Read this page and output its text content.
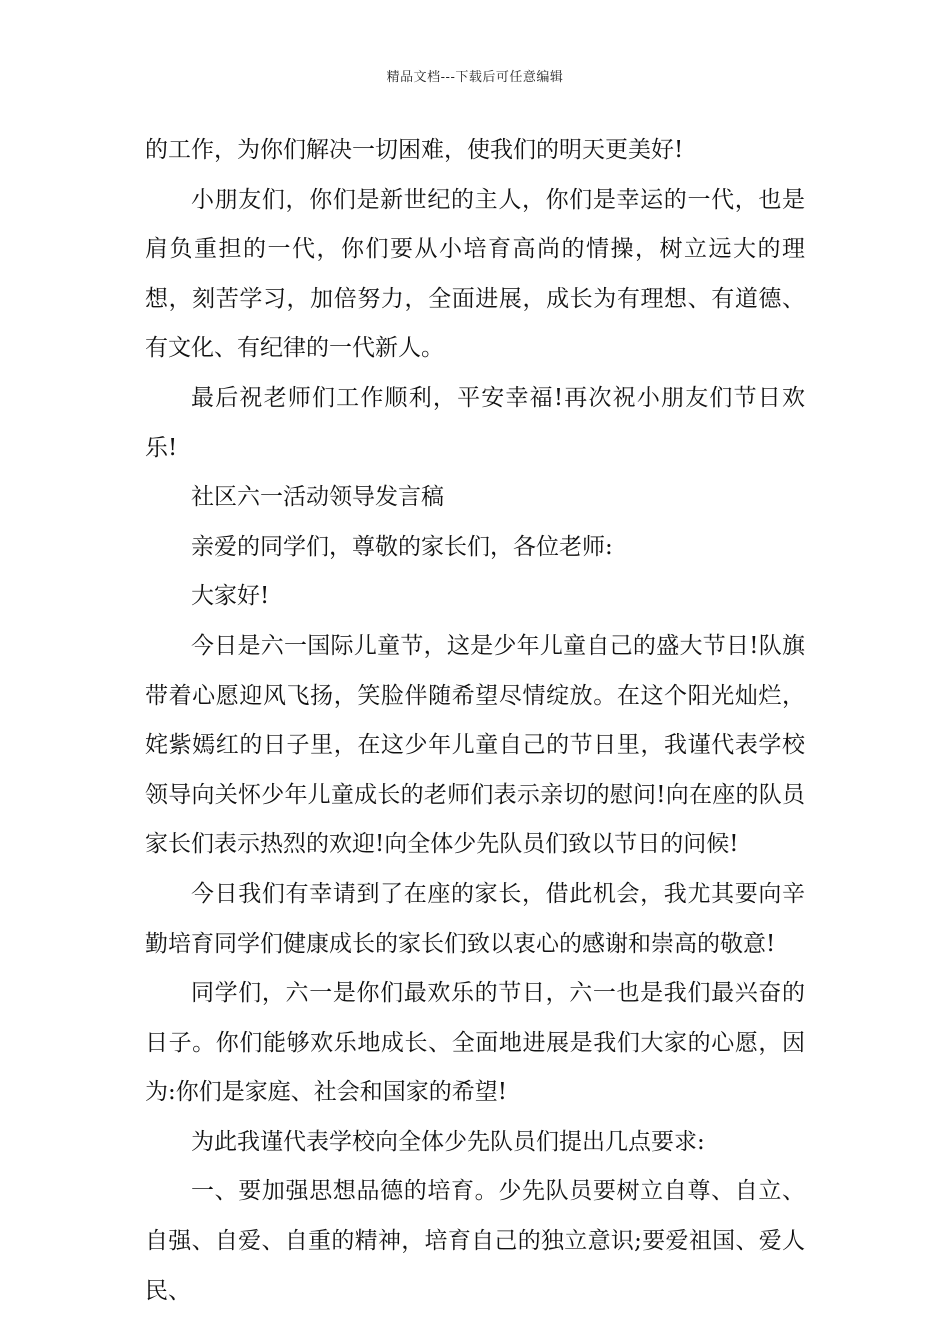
精品文档---下载后可任意编辑

的工作，为你们解决一切困难，使我们的明天更美好!

小朋友们，你们是新世纪的主人，你们是幸运的一代，也是肩负重担的一代，你们要从小培育高尚的情操，树立远大的理想，刻苦学习，加倍努力，全面进展，成长为有理想、有道德、有文化、有纪律的一代新人。

最后祝老师们工作顺利，平安幸福!再次祝小朋友们节日欢乐!

社区六一活动领导发言稿

亲爱的同学们，尊敬的家长们，各位老师:

大家好!

今日是六一国际儿童节，这是少年儿童自己的盛大节日!队旗带着心愿迎风飞扬，笑脸伴随希望尽情绽放。在这个阳光灿烂，姹紫嫣红的日子里，在这少年儿童自己的节日里，我谨代表学校领导向关怀少年儿童成长的老师们表示亲切的慰问!向在座的队员家长们表示热烈的欢迎!向全体少先队员们致以节日的问候!

今日我们有幸请到了在座的家长，借此机会，我尤其要向辛勤培育同学们健康成长的家长们致以衷心的感谢和崇高的敬意!

同学们，六一是你们最欢乐的节日，六一也是我们最兴奋的日子。你们能够欢乐地成长、全面地进展是我们大家的心愿，因为:你们是家庭、社会和国家的希望!

为此我谨代表学校向全体少先队员们提出几点要求:

一、要加强思想品德的培育。少先队员要树立自尊、自立、自强、自爱、自重的精神，培育自己的独立意识;要爱祖国、爱人民、
